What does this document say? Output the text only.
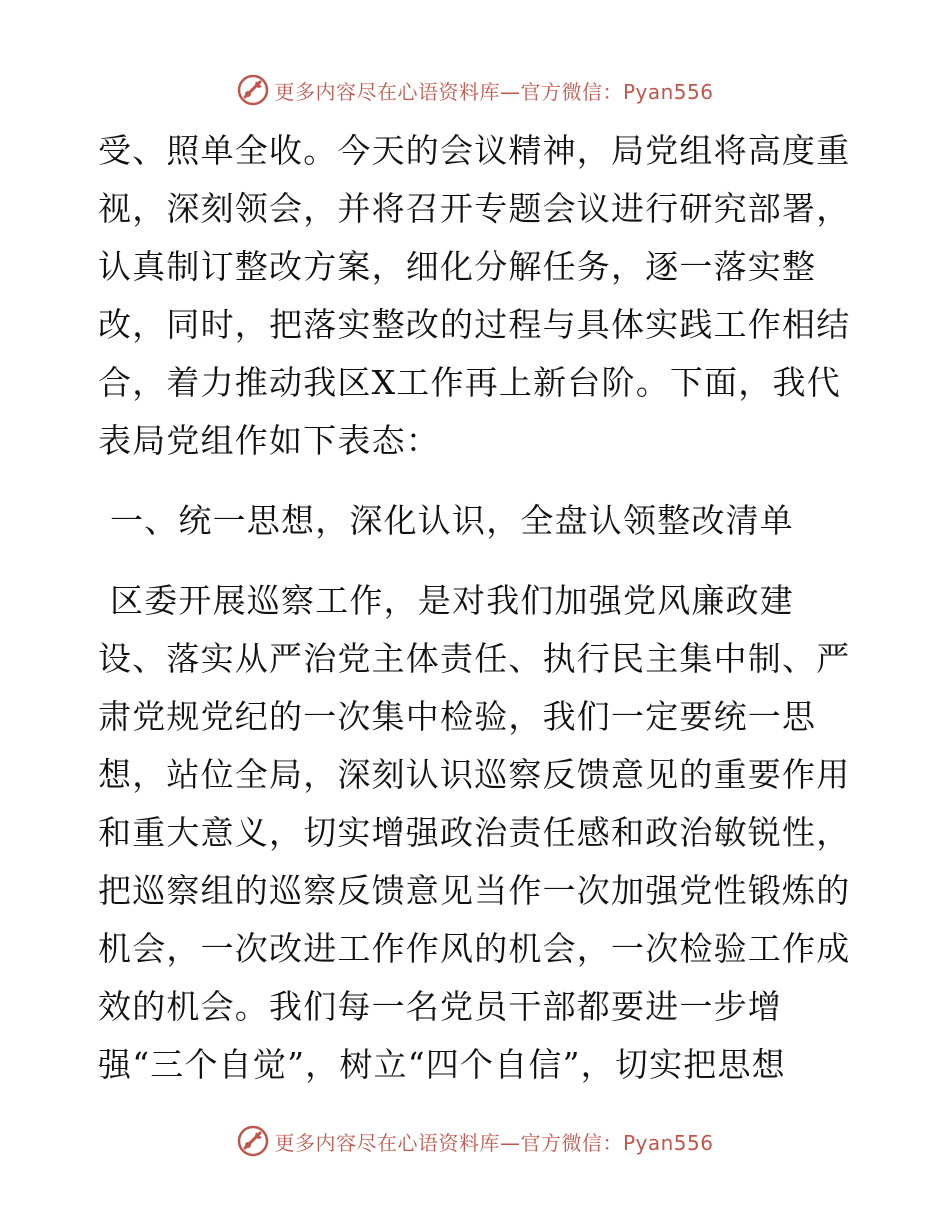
更多内容尽在心语资料库—官方微信：Pyan556
受、照单全收。今天的会议精神，局党组将高度重
视，深刻领会，并将召开专题会议进行研究部署，
认真制订整改方案，细化分解任务，逐一落实整
改，同时，把落实整改的过程与具体实践工作相结
合，着力推动我区X工作再上新台阶。下面，我代
表局党组作如下表态：
一、统一思想，深化认识，全盘认领整改清单
区委开展巡察工作，是对我们加强党风廉政建
设、落实从严治党主体责任、执行民主集中制、严
肃党规党纪的一次集中检验，我们一定要统一思
想，站位全局，深刻认识巡察反馈意见的重要作用
和重大意义，切实增强政治责任感和政治敏锐性，
把巡察组的巡察反馈意见当作一次加强党性锻炼的
机会，一次改进工作作风的机会，一次检验工作成
效的机会。我们每一名党员干部都要进一步增
强“三个自觉”，树立“四个自信”，切实把思想
更多内容尽在心语资料库—官方微信：Pyan556
